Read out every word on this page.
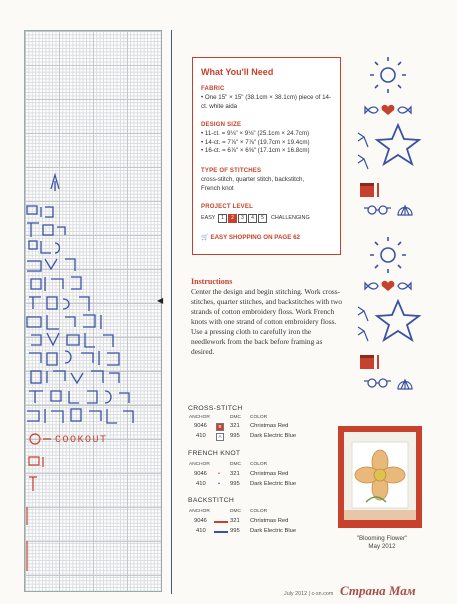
COOKOUT
◀
What You'll Need
FABRIC
• One 15" × 15" (38.1cm × 38.1cm) piece of 14-ct. white aida
DESIGN SIZE
• 11-ct. = 9⅛" × 9⅛" (25.1cm × 24.7cm)
• 14-ct. = 7⅞" × 7⅞" (19.7cm × 19.4cm)
• 16-ct. = 6⅞" × 6⅝" (17.1cm × 16.8cm)
TYPE OF STITCHES
cross-stitch, quarter stitch, backstitch, French knot
PROJECT LEVEL
EASY	1	2	3	4	5	CHALLENGING
🛒 EASY SHOPPING ON PAGE 62
Instructions
Center the design and begin stitching. Work cross-stitches, quarter stitches, and backstitches with two strands of cotton embroidery floss. Work French knots with one strand of cotton embroidery floss. Use a pressing cloth to carefully iron the needlework from the back before framing as desired.
CROSS-STITCH
ANCHOR	DMC COLOR
9046	B	321 Christmas Red
410	A	995 Dark Electric Blue
FRENCH KNOT
ANCHOR	DMC COLOR
9046 • 321 Christmas Red
410 • 995 Dark Electric Blue
BACKSTITCH
ANCHOR	DMC COLOR
9046	321 Christmas Red
410	995 Dark Electric Blue
"Blooming Flower"
May 2012
July 2012 | c-sn.com Страна Мам
